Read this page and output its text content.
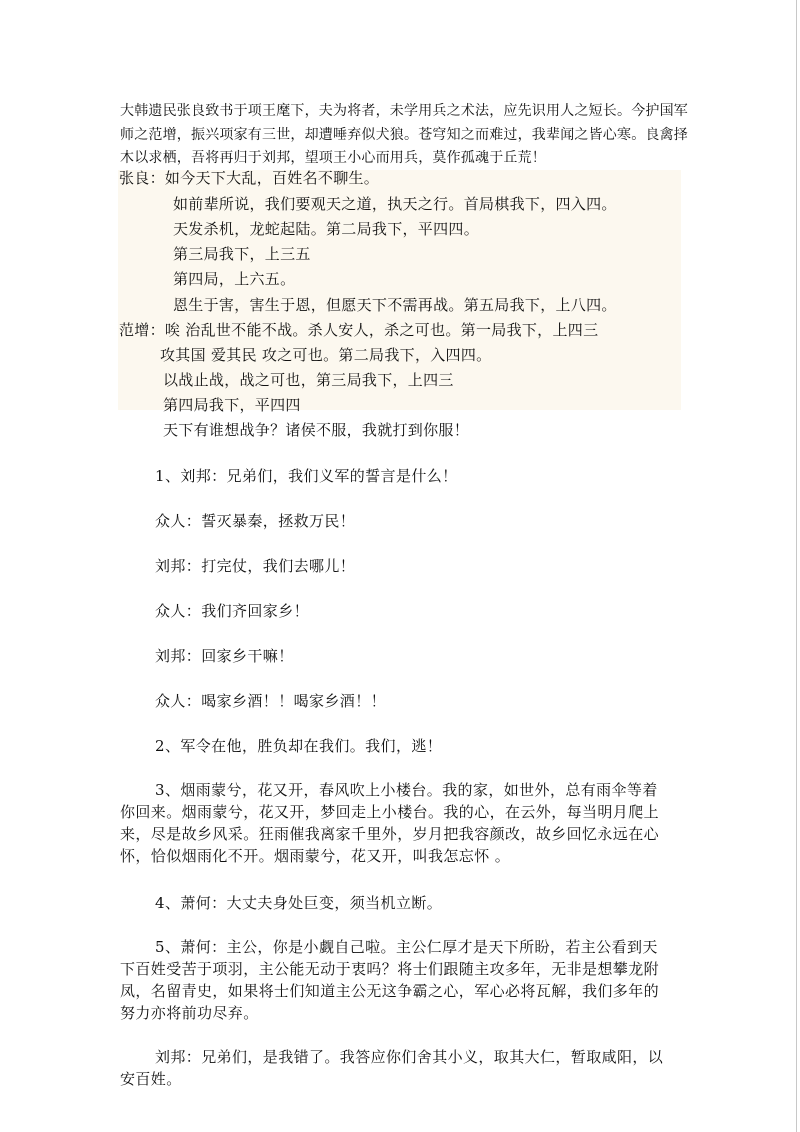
大韩遗民张良致书于项王麾下，夫为将者，未学用兵之术法，应先识用人之短长。今护国军
师之范增，振兴项家有三世，却遭唾弃似犬狼。苍穹知之而难过，我辈闻之皆心寒。良禽择
木以求栖，吾将再归于刘邦，望项王小心而用兵，莫作孤魂于丘荒！
张良：如今天下大乱，百姓名不聊生。
如前辈所说，我们要观天之道，执天之行。首局棋我下，四入四。
天发杀机，龙蛇起陆。第二局我下，平四四。
第三局我下，上三五
第四局，上六五。
恩生于害，害生于恩，但愿天下不需再战。第五局我下，上八四。
范增：唉 治乱世不能不战。杀人安人，杀之可也。第一局我下，上四三
攻其国 爱其民 攻之可也。第二局我下，入四四。
以战止战，战之可也，第三局我下，上四三
第四局我下，平四四
天下有谁想战争？诸侯不服，我就打到你服！
1、刘邦：兄弟们，我们义军的誓言是什么！
众人：誓灭暴秦，拯救万民！
刘邦：打完仗，我们去哪儿！
众人：我们齐回家乡！
刘邦：回家乡干嘛！
众人：喝家乡酒！！喝家乡酒！！
2、军令在他，胜负却在我们。我们，逃！
3、烟雨蒙兮，花又开，春风吹上小楼台。我的家，如世外，总有雨伞等着
你回来。烟雨蒙兮，花又开，梦回走上小楼台。我的心，在云外，每当明月爬上
来，尽是故乡风采。狂雨催我离家千里外，岁月把我容颜改，故乡回忆永远在心
怀，恰似烟雨化不开。烟雨蒙兮，花又开，叫我怎忘怀 。
4、萧何：大丈夫身处巨变，须当机立断。
5、萧何：主公，你是小觑自己啦。主公仁厚才是天下所盼，若主公看到天
下百姓受苦于项羽，主公能无动于衷吗？将士们跟随主攻多年，无非是想攀龙附
凤，名留青史，如果将士们知道主公无这争霸之心，军心必将瓦解，我们多年的
努力亦将前功尽弃。
刘邦：兄弟们，是我错了。我答应你们舍其小义，取其大仁，暂取咸阳，以
安百姓。
